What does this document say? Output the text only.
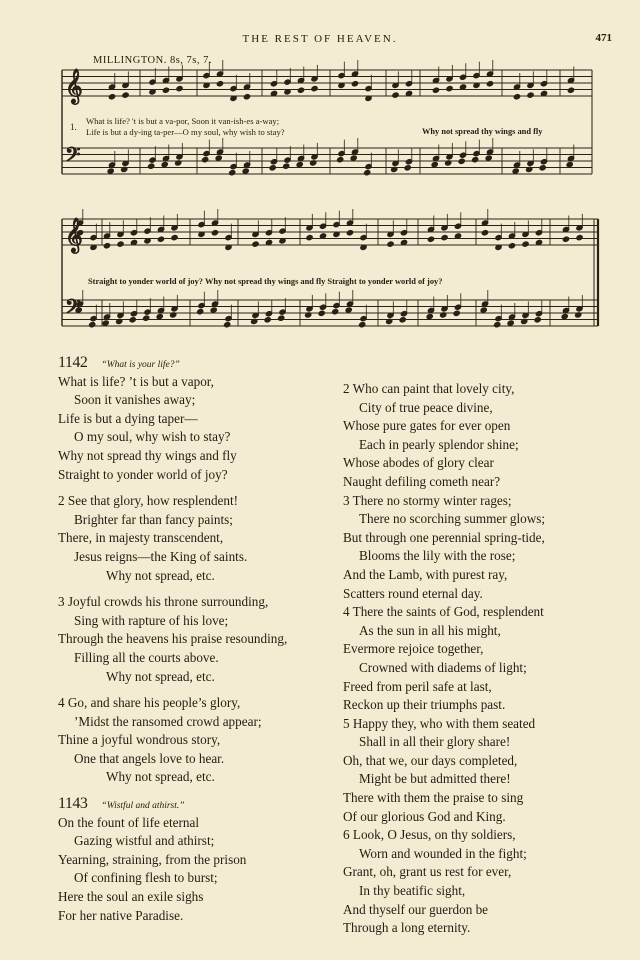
THE REST OF HEAVEN.	471
MILLINGTON. 8s, 7s, 7.
𝄞
𝄢
𝄞
𝄢
1.
What is life? 't is but a va-por, Soon it van-ish-es a-way;
Life is but a dy-ing ta-per—O my soul, why wish to stay?	Why not spread thy wings and fly
Straight to yonder world of joy? Why not spread thy wings and fly Straight to yonder world of joy?
1142 “What is your life?”
What is life? ’t is but a vapor,
Soon it vanishes away;
Life is but a dying taper—
O my soul, why wish to stay?
Why not spread thy wings and fly
Straight to yonder world of joy?
2 See that glory, how resplendent!
Brighter far than fancy paints;
There, in majesty transcendent,
Jesus reigns—the King of saints.
Why not spread, etc.
3 Joyful crowds his throne surrounding,
Sing with rapture of his love;
Through the heavens his praise resounding,
Filling all the courts above.
Why not spread, etc.
4 Go, and share his people’s glory,
’Midst the ransomed crowd appear;
Thine a joyful wondrous story,
One that angels love to hear.
Why not spread, etc.
1143 “Wistful and athirst.”
On the fount of life eternal
Gazing wistful and athirst;
Yearning, straining, from the prison
Of confining flesh to burst;
Here the soul an exile sighs
For her native Paradise.
2 Who can paint that lovely city,
City of true peace divine,
Whose pure gates for ever open
Each in pearly splendor shine;
Whose abodes of glory clear
Naught defiling cometh near?
3 There no stormy winter rages;
There no scorching summer glows;
But through one perennial spring-tide,
Blooms the lily with the rose;
And the Lamb, with purest ray,
Scatters round eternal day.
4 There the saints of God, resplendent
As the sun in all his might,
Evermore rejoice together,
Crowned with diadems of light;
Freed from peril safe at last,
Reckon up their triumphs past.
5 Happy they, who with them seated
Shall in all their glory share!
Oh, that we, our days completed,
Might be but admitted there!
There with them the praise to sing
Of our glorious God and King.
6 Look, O Jesus, on thy soldiers,
Worn and wounded in the fight;
Grant, oh, grant us rest for ever,
In thy beatific sight,
And thyself our guerdon be
Through a long eternity.
